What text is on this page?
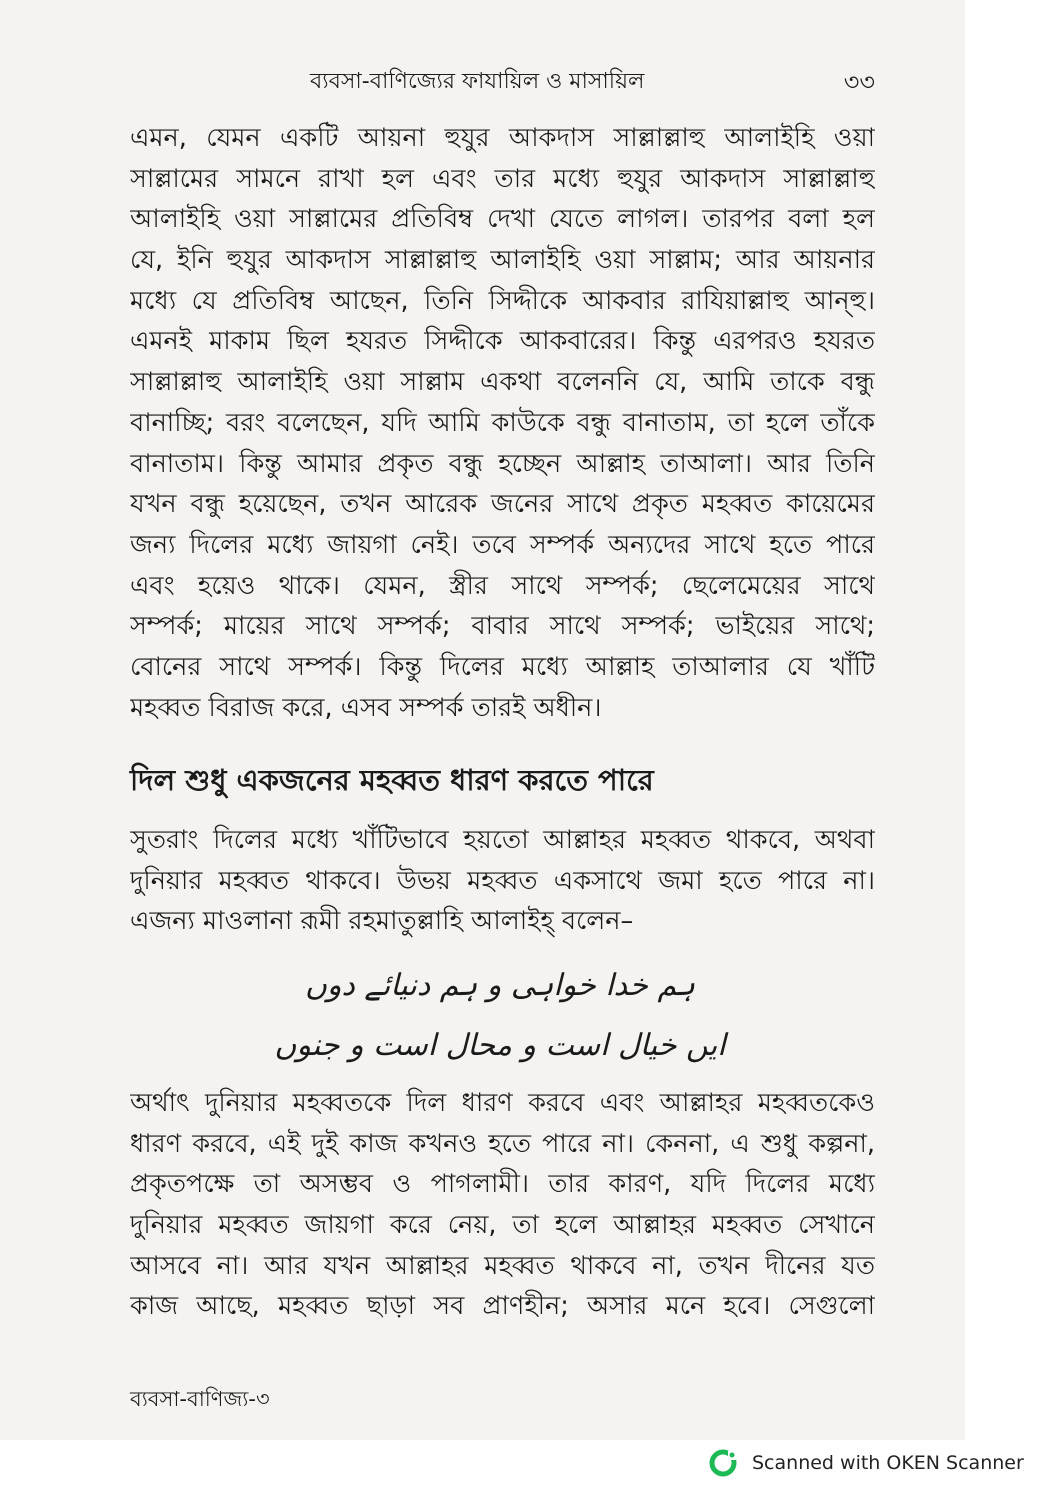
ব্যবসা-বাণিজ্যের ফাযায়িল ও মাসায়িল	৩৩
এমন, যেমন একটি আয়না হুযুর আকদাস সাল্লাল্লাহু আলাইহি ওয়া
সাল্লামের সামনে রাখা হল এবং তার মধ্যে হুযুর আকদাস সাল্লাল্লাহু
আলাইহি ওয়া সাল্লামের প্রতিবিম্ব দেখা যেতে লাগল। তারপর বলা হল
যে, ইনি হুযুর আকদাস সাল্লাল্লাহু আলাইহি ওয়া সাল্লাম; আর আয়নার
মধ্যে যে প্রতিবিম্ব আছেন, তিনি সিদ্দীকে আকবার রাযিয়াল্লাহু আন্হু।
এমনই মাকাম ছিল হযরত সিদ্দীকে আকবারের। কিন্তু এরপরও হযরত
সাল্লাল্লাহু আলাইহি ওয়া সাল্লাম একথা বলেননি যে, আমি তাকে বন্ধু
বানাচ্ছি; বরং বলেছেন, যদি আমি কাউকে বন্ধু বানাতাম, তা হলে তাঁকে
বানাতাম। কিন্তু আমার প্রকৃত বন্ধু হচ্ছেন আল্লাহ তাআলা। আর তিনি
যখন বন্ধু হয়েছেন, তখন আরেক জনের সাথে প্রকৃত মহব্বত কায়েমের
জন্য দিলের মধ্যে জায়গা নেই। তবে সম্পর্ক অন্যদের সাথে হতে পারে
এবং হয়েও থাকে। যেমন, স্ত্রীর সাথে সম্পর্ক; ছেলেমেয়ের সাথে
সম্পর্ক; মায়ের সাথে সম্পর্ক; বাবার সাথে সম্পর্ক; ভাইয়ের সাথে;
বোনের সাথে সম্পর্ক। কিন্তু দিলের মধ্যে আল্লাহ তাআলার যে খাঁটি
মহব্বত বিরাজ করে, এসব সম্পর্ক তারই অধীন।
দিল শুধু একজনের মহব্বত ধারণ করতে পারে
সুতরাং দিলের মধ্যে খাঁটিভাবে হয়তো আল্লাহর মহব্বত থাকবে, অথবা
দুনিয়ার মহব্বত থাকবে। উভয় মহব্বত একসাথে জমা হতে পারে না।
এজন্য মাওলানা রূমী রহমাতুল্লাহি আলাইহ্ বলেন–
ہم خدا خواہی و ہم دنیائے دوں
ایں خیال است و محال است و جنوں
অর্থাৎ দুনিয়ার মহব্বতকে দিল ধারণ করবে এবং আল্লাহর মহব্বতকেও
ধারণ করবে, এই দুই কাজ কখনও হতে পারে না। কেননা, এ শুধু কল্পনা,
প্রকৃতপক্ষে তা অসম্ভব ও পাগলামী। তার কারণ, যদি দিলের মধ্যে
দুনিয়ার মহব্বত জায়গা করে নেয়, তা হলে আল্লাহর মহব্বত সেখানে
আসবে না। আর যখন আল্লাহর মহব্বত থাকবে না, তখন দীনের যত
কাজ আছে, মহব্বত ছাড়া সব প্রাণহীন; অসার মনে হবে। সেগুলো
ব্যবসা-বাণিজ্য-৩
Scanned with OKEN Scanner
